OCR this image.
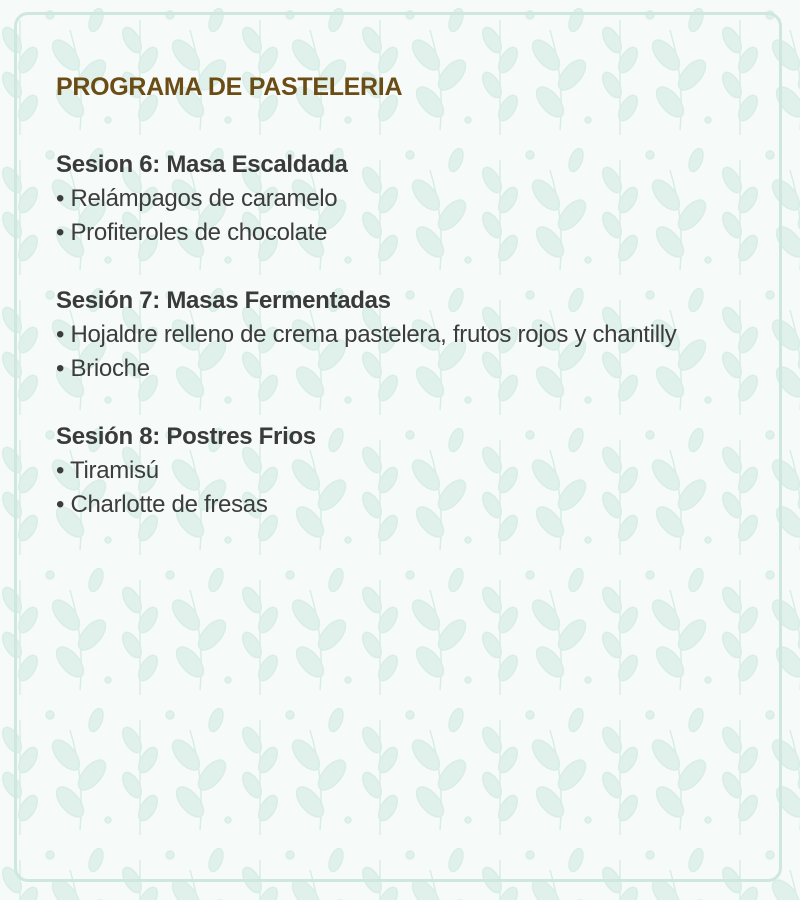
PROGRAMA DE PASTELERIA
Sesion 6: Masa Escaldada
• Relámpagos de caramelo
• Profiteroles de chocolate
Sesión 7: Masas Fermentadas
• Hojaldre relleno de crema pastelera, frutos rojos y chantilly
• Brioche
Sesión 8: Postres Frios
• Tiramisú
• Charlotte de fresas
